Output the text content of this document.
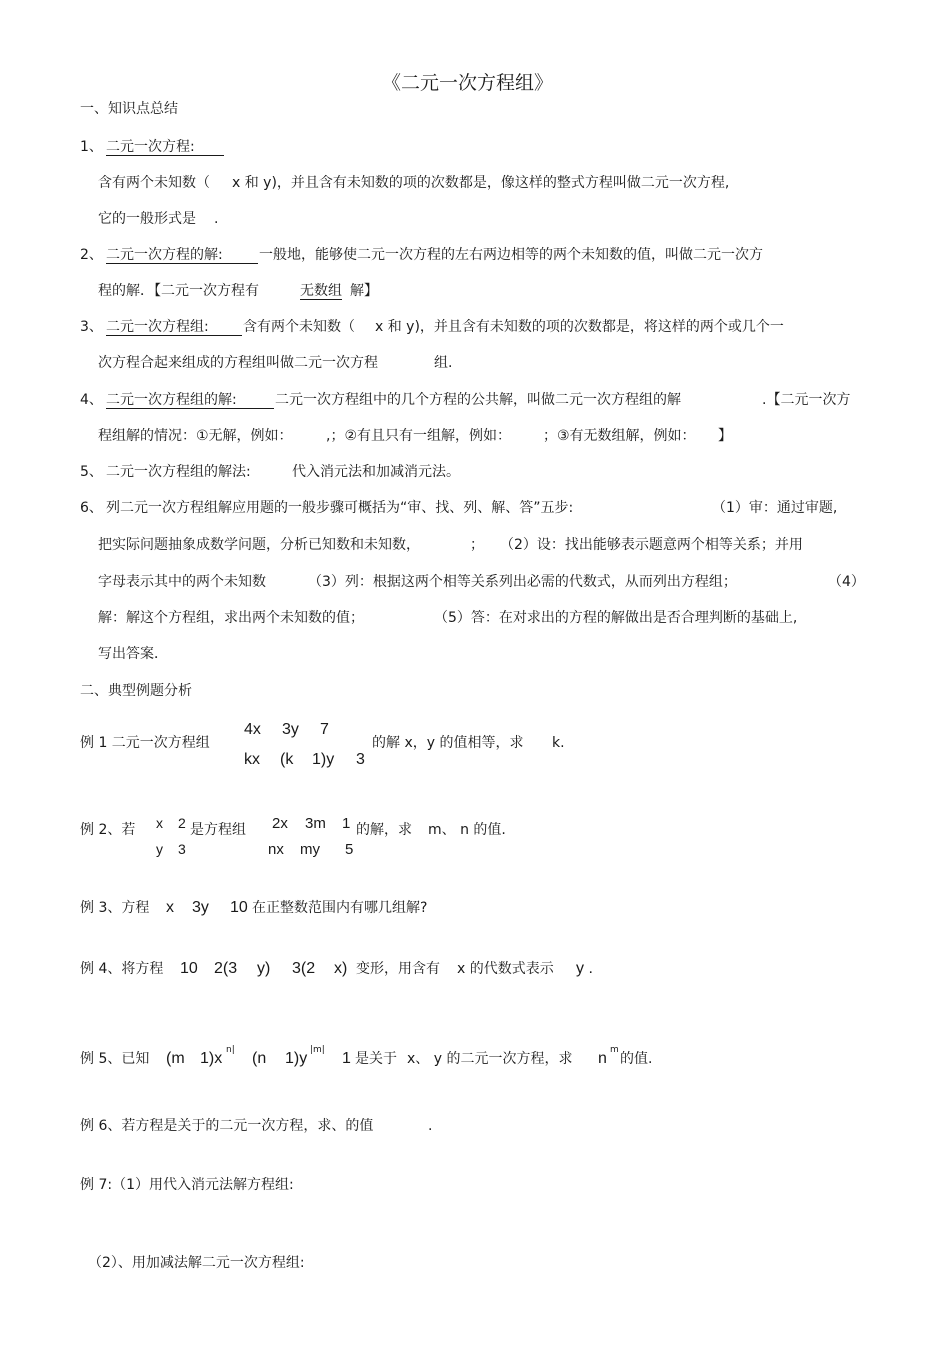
《二元一次方程组》
一、知识点总结
1、 二元一次方程:
含有两个未知数（ x 和 y)，并且含有未知数的项的次数都是，像这样的整式方程叫做二元一次方程,
它的一般形式是 .
2、 二元一次方程的解:	一般地，能够使二元一次方程的左右两边相等的两个未知数的值，叫做二元一次方
程的解．【二元一次方程有	无数组 解】
3、 二元一次方程组:	含有两个未知数（ x 和 y)，并且含有未知数的项的次数都是，将这样的两个或几个一
次方程合起来组成的方程组叫做二元一次方程	组.
4、 二元一次方程组的解:	二元一次方程组中的几个方程的公共解，叫做二元一次方程组的解	.【二元一次方
程组解的情况：①无解，例如： ,；②有且只有一组解，例如： ；③有无数组解，例如： 】
5、 二元一次方程组的解法:	代入消元法和加减消元法。
6、 列二元一次方程组解应用题的一般步骤可概括为“审、找、列、解、答”五步:	（1）审：通过审题,
把实际问题抽象成数学问题，分析已知数和未知数，	； （2）设：找出能够表示题意两个相等关系；并用
字母表示其中的两个未知数	（3）列：根据这两个相等关系列出必需的代数式，从而列出方程组；	（4）
解：解这个方程组，求出两个未知数的值；	（5）答：在对求出的方程的解做出是否合理判断的基础上,
写出答案．
二、典型例题分析
例 1 二元一次方程组
4x 3y 7
kx (k 1)y 3
的解 x，y 的值相等，求 k.
例 2、若 x 2 是方程组
y 3
2x 3m 1
nx my 5
的解，求 m、 n 的值.
例 3、方程 x 3y 10 在正整数范围内有哪几组解?
例 4、将方程 10 2(3 y) 3(2 x) 变形，用含有 x 的代数式表示 y .
例 5、已知 (m 1)x n| (n 1)y |m| 1 是关于 x、 y 的二元一次方程，求 n m
的值.
例 6、若方程是关于的二元一次方程，求、的值	.
例 7:（1）用代入消元法解方程组:
（2）、用加减法解二元一次方程组:
